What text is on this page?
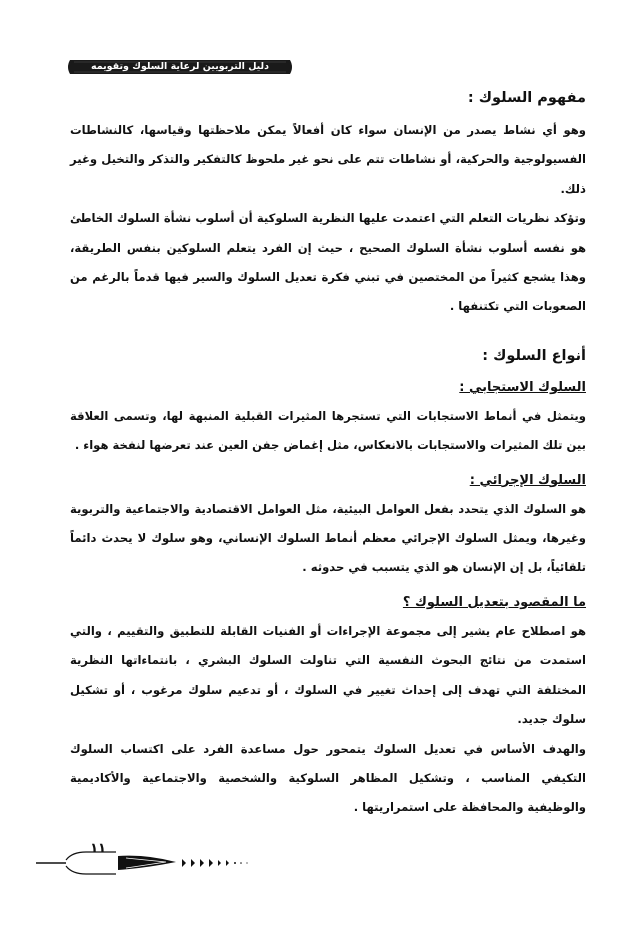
دليل التربويين لرعاية السلوك وتقويمه
مفهوم السلوك :

وهو أي نشاط يصدر من الإنسان سواء كان أفعالاً يمكن ملاحظتها وقياسها، كالنشاطات الفسيولوجية والحركية، أو نشاطات تتم على نحو غير ملحوظ كالتفكير والتذكر والتخيل وغير ذلك.

وتؤكد نظريات التعلم التي اعتمدت عليها النظرية السلوكية أن أسلوب نشأة السلوك الخاطئ هو نفسه أسلوب نشأة السلوك الصحيح ، حيث إن الفرد يتعلم السلوكين بنفس الطريقة، وهذا يشجع كثيراً من المختصين في تبني فكرة تعديل السلوك والسير فيها قدماً بالرغم من الصعوبات التي تكتنفها .

أنواع السلوك :
السلوك الاستجابي :

ويتمثل في أنماط الاستجابات التي تستجرها المثيرات القبلية المنبهة لها، وتسمى العلاقة بين تلك المثيرات والاستجابات بالانعكاس، مثل إغماض جفن العين عند تعرضها لنفخة هواء .

السلوك الإجرائي :

هو السلوك الذي يتحدد بفعل العوامل البيئية، مثل العوامل الاقتصادية والاجتماعية والتربوية وغيرها، ويمثل السلوك الإجرائي معظم أنماط السلوك الإنساني، وهو سلوك لا يحدث دائماً تلقائياً، بل إن الإنسان هو الذي يتسبب في حدوثه .

ما المقصود بتعديل السلوك ؟

هو اصطلاح عام يشير إلى مجموعة الإجراءات أو الفنيات القابلة للتطبيق والتقييم ، والتي استمدت من نتائج البحوث النفسية التي تناولت السلوك البشري ، بانتماءاتها النظرية المختلفة التي تهدف إلى إحداث تغيير في السلوك ، أو تدعيم سلوك مرغوب ، أو تشكيل سلوك جديد.

والهدف الأساس في تعديل السلوك يتمحور حول مساعدة الفرد على اكتساب السلوك التكيفي المناسب ، وتشكيل المظاهر السلوكية والشخصية والاجتماعية والأكاديمية والوظيفية والمحافظة على استمراريتها .

١١
